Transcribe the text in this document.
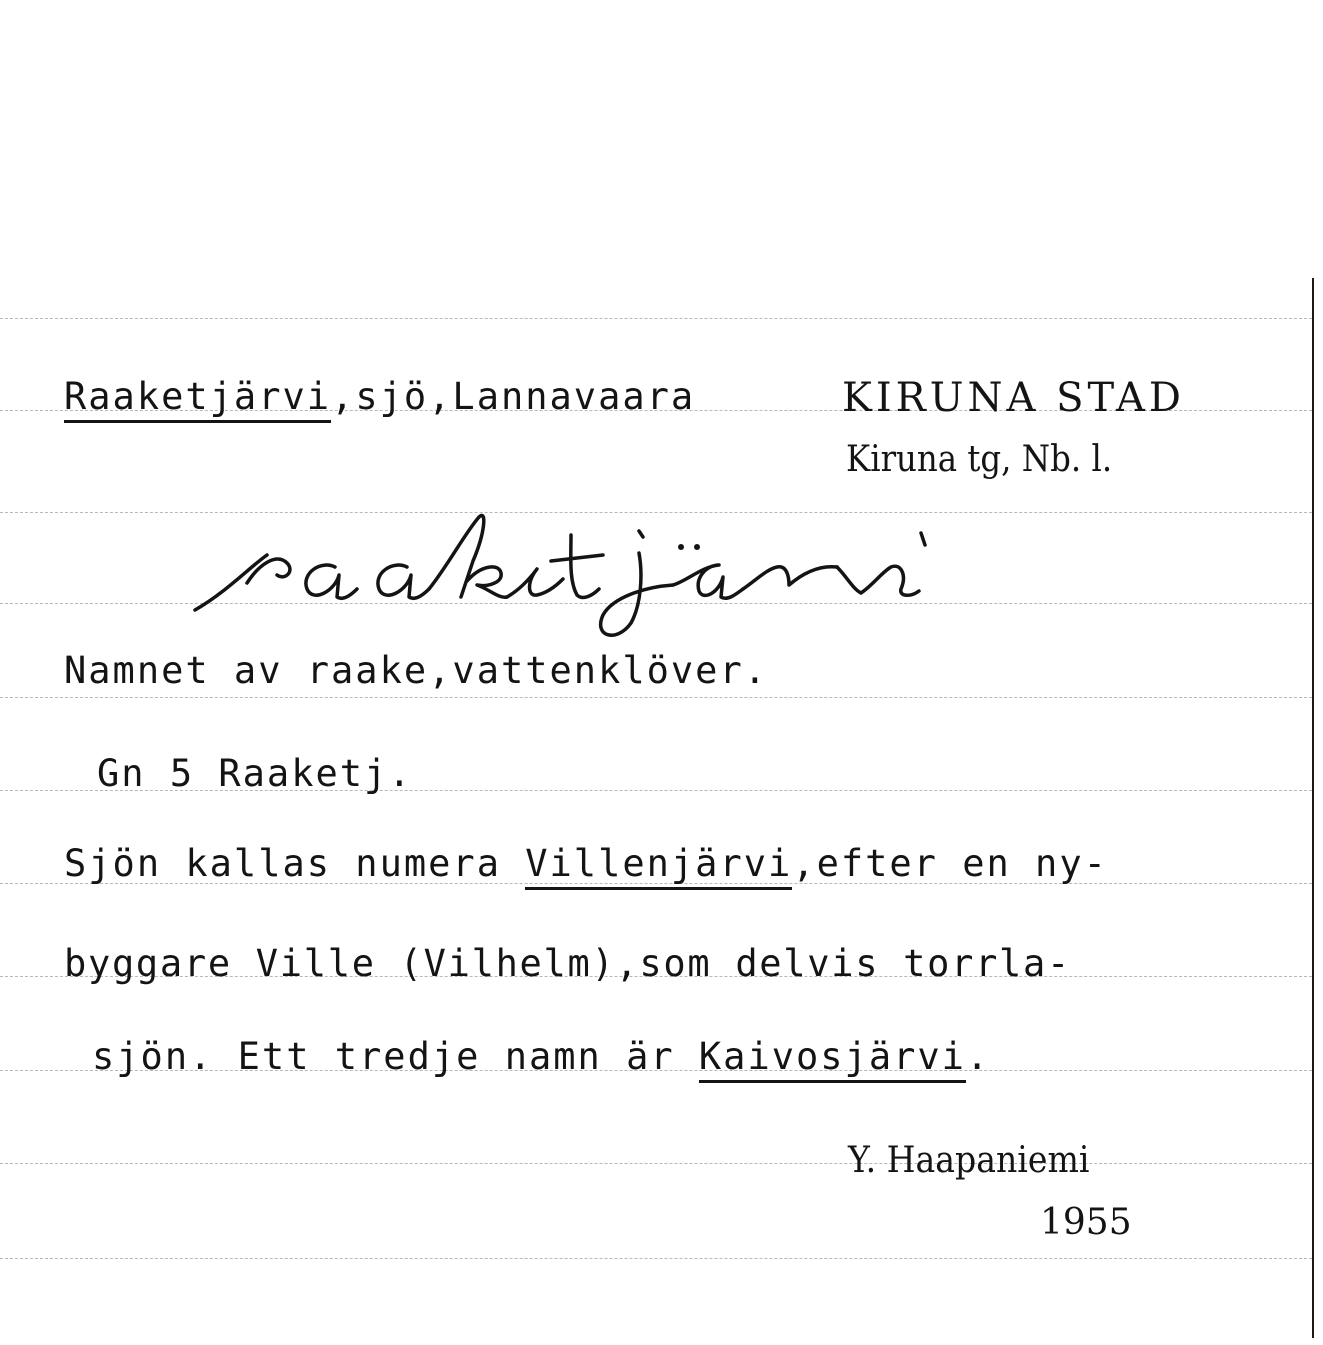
Raaketjärvi,sjö,Lannavaara	KIRUNA STAD
Kiruna tg, Nb. l.
Namnet av raake,vattenklöver.
Gn 5 Raaketj.
Sjön kallas numera Villenjärvi,efter en ny-
byggare Ville (Vilhelm),som delvis torrla-
sjön. Ett tredje namn är Kaivosjärvi.
Y. Haapaniemi
1955
